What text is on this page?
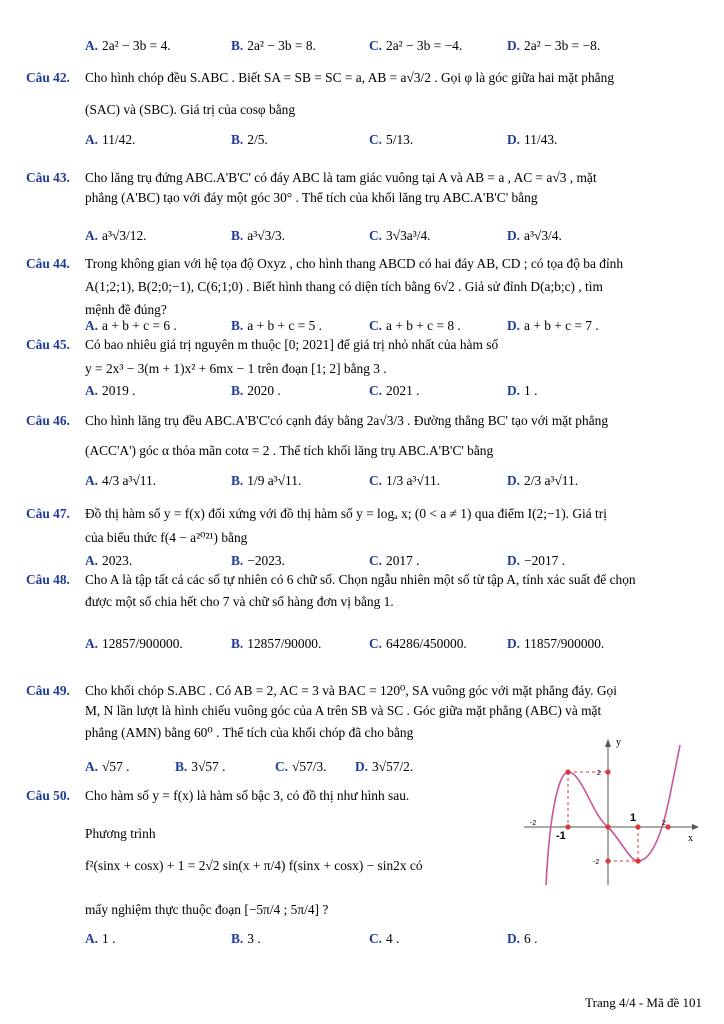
A. 2a² − 3b = 4.	B. 2a² − 3b = 8.	C. 2a² − 3b = −4.	D. 2a² − 3b = −8.
Câu 42. Cho hình chóp đều S.ABC . Biết SA = SB = SC = a, AB = a√3/2 . Gọi φ là góc giữa hai mặt phẳng
(SAC) và (SBC). Giá trị của cosφ bằng
A. 11/42.	B. 2/5.	C. 5/13.	D. 11/43.
Câu 43. Cho lăng trụ đứng ABC.A'B'C' có đáy ABC là tam giác vuông tại A và AB = a , AC = a√3 , mặt
phẳng (A'BC) tạo với đáy một góc 30° . Thể tích của khối lăng trụ ABC.A'B'C' bằng
A. a³√3/12.	B. a³√3/3.	C. 3√3a³/4.	D. a³√3/4.
Câu 44. Trong không gian với hệ tọa độ Oxyz , cho hình thang ABCD có hai đáy AB, CD ; có tọa độ ba đỉnh
A(1;2;1), B(2;0;−1), C(6;1;0) . Biết hình thang có diện tích bằng 6√2 . Giả sử đỉnh D(a;b;c) , tìm
mệnh đề đúng?
A. a + b + c = 6 .	B. a + b + c = 5 .	C. a + b + c = 8 .	D. a + b + c = 7 .
Câu 45. Có bao nhiêu giá trị nguyên m thuộc [0; 2021] để giá trị nhỏ nhất của hàm số
y = 2x³ − 3(m + 1)x² + 6mx − 1 trên đoạn [1; 2] bằng 3 .
A. 2019 .	B. 2020 .	C. 2021 .	D. 1 .
Câu 46. Cho hình lăng trụ đều ABC.A'B'C'có cạnh đáy bằng 2a√3/3 . Đường thẳng BC' tạo với mặt phẳng
(ACC'A') góc α thỏa mãn cotα = 2 . Thể tích khối lăng trụ ABC.A'B'C' bằng
A. 4/3 a³√11.	B. 1/9 a³√11.	C. 1/3 a³√11.	D. 2/3 a³√11.
Câu 47. Đồ thị hàm số y = f(x) đối xứng với đồ thị hàm số y = logₐ x; (0 < a ≠ 1) qua điểm I(2;−1). Giá trị
của biểu thức f(4 − a²⁰²¹) bằng
A. 2023.	B. −2023.	C. 2017 .	D. −2017 .
Câu 48. Cho A là tập tất cả các số tự nhiên có 6 chữ số. Chọn ngẫu nhiên một số từ tập A, tính xác suất để chọn
được một số chia hết cho 7 và chữ số hàng đơn vị bằng 1.
A. 12857/900000.	B. 12857/90000.	C. 64286/450000.	D. 11857/900000.
Câu 49. Cho khối chóp S.ABC . Có AB = 2, AC = 3 và BAC = 120⁰, SA vuông góc với mặt phẳng đáy. Gọi
M, N lần lượt là hình chiếu vuông góc của A trên SB và SC . Góc giữa mặt phẳng (ABC) và mặt
phẳng (AMN) bằng 60⁰ . Thể tích của khối chóp đã cho bằng
A. √57 .	B. 3√57 .	C. √57/3. D. 3√57/2.
Câu 50. Cho hàm số y = f(x) là hàm số bậc 3, có đồ thị như hình sau.
Phương trình
f²(sinx + cosx) + 1 = 2√2 sin(x + π/4) f(sinx + cosx) − sin2x có
mấy nghiệm thực thuộc đoạn [−5π/4 ; 5π/4] ?
A. 1 .	B. 3 .	C. 4 .	D. 6 .
y
x
-2
-1
1	2
2
-2
Trang 4/4 - Mã đề 101
